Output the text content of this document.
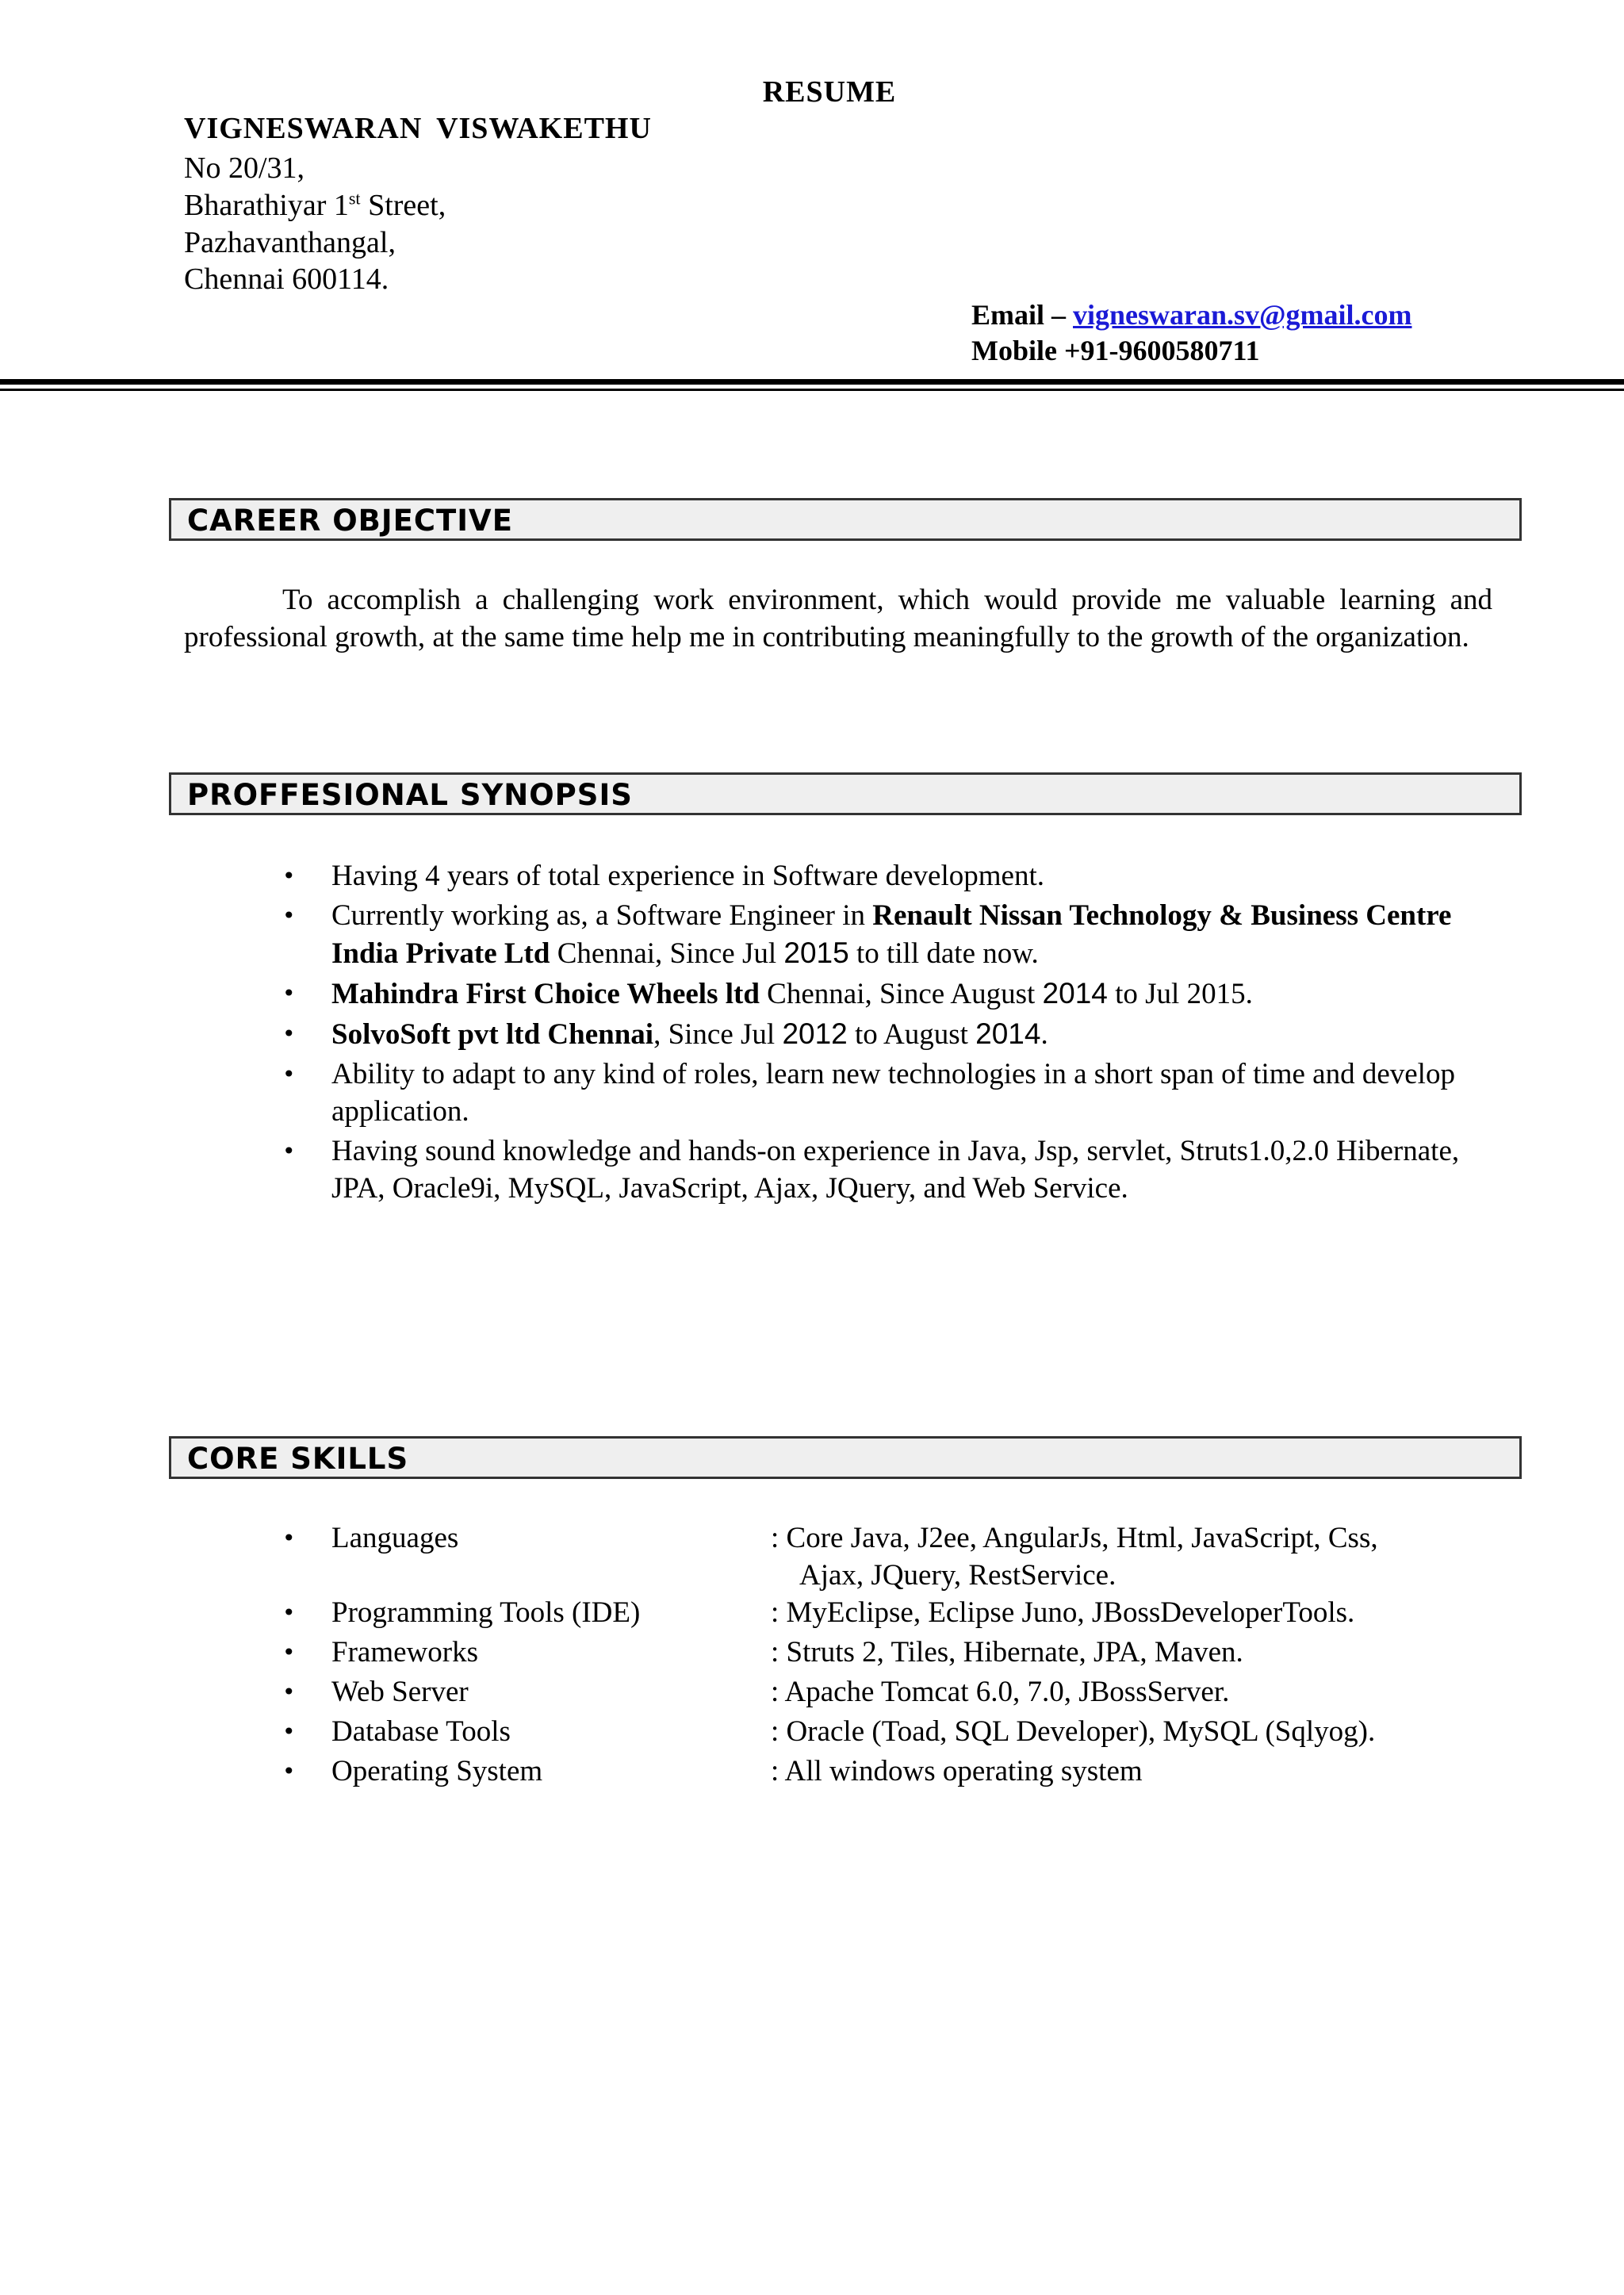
RESUME
VIGNESWARAN VISWAKETHU
No 20/31,
Bharathiyar 1st Street,
Pazhavanthangal,
Chennai 600114.
Email – vigneswaran.sv@gmail.com
Mobile +91-9600580711
CAREER OBJECTIVE
To accomplish a challenging work environment, which would provide me valuable learning and professional growth, at the same time help me in contributing meaningfully to the growth of the organization.
PROFFESIONAL SYNOPSIS
• Having 4 years of total experience in Software development.
• Currently working as, a Software Engineer in Renault Nissan Technology & Business Centre India Private Ltd Chennai, Since Jul 2015 to till date now.
• Mahindra First Choice Wheels ltd Chennai, Since August 2014 to Jul 2015.
• SolvoSoft pvt ltd Chennai, Since Jul 2012 to August 2014.
• Ability to adapt to any kind of roles, learn new technologies in a short span of time and develop application.
• Having sound knowledge and hands-on experience in Java, Jsp, servlet, Struts1.0,2.0 Hibernate, JPA, Oracle9i, MySQL, JavaScript, Ajax, JQuery, and Web Service.
CORE SKILLS
• Languages	: Core Java, J2ee, AngularJs, Html, JavaScript, Css,
Ajax, JQuery, RestService.
• Programming Tools (IDE)	: MyEclipse, Eclipse Juno, JBossDeveloperTools.
• Frameworks	: Struts 2, Tiles, Hibernate, JPA, Maven.
• Web Server	: Apache Tomcat 6.0, 7.0, JBossServer.
• Database Tools	: Oracle (Toad, SQL Developer), MySQL (Sqlyog).
• Operating System	: All windows operating system
